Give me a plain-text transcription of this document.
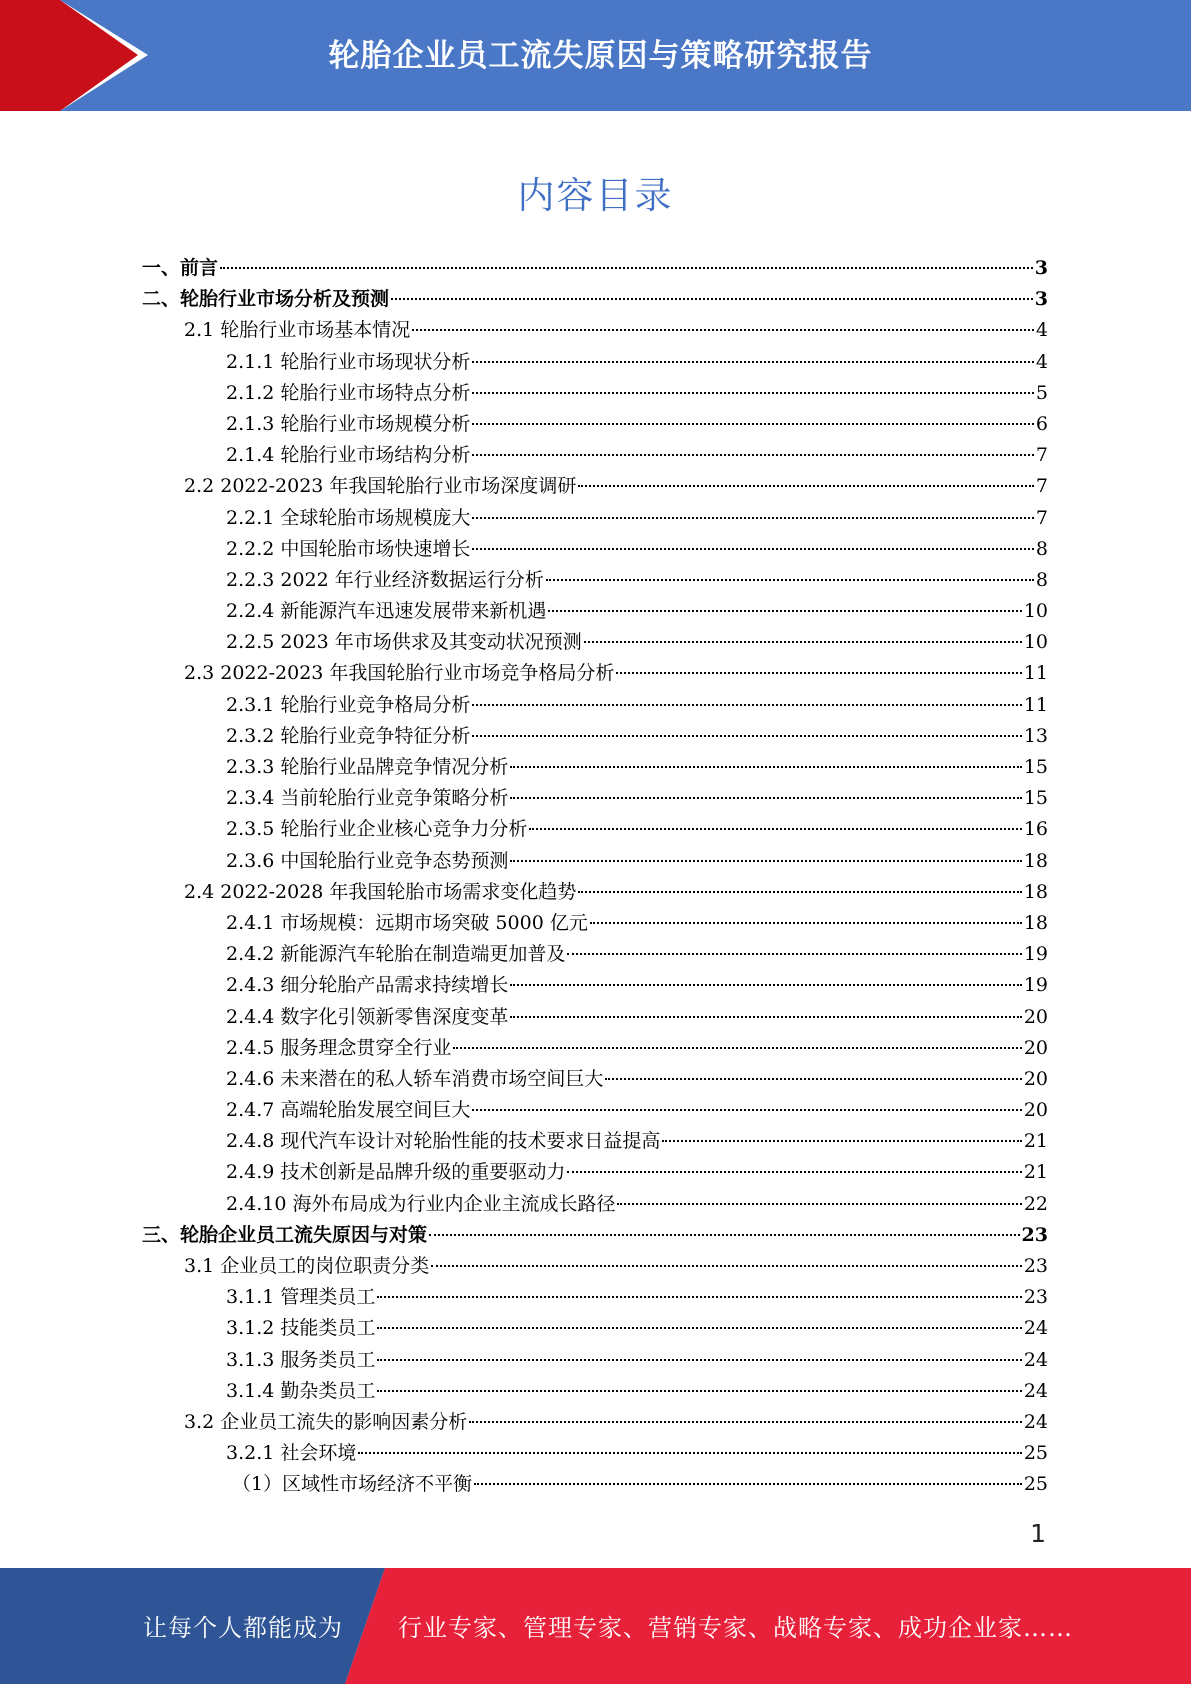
轮胎企业员工流失原因与策略研究报告
内容目录
一、前言	3
二、轮胎行业市场分析及预测	3
2.1 轮胎行业市场基本情况	4
2.1.1 轮胎行业市场现状分析	4
2.1.2 轮胎行业市场特点分析	5
2.1.3 轮胎行业市场规模分析	6
2.1.4 轮胎行业市场结构分析	7
2.2 2022-2023 年我国轮胎行业市场深度调研	7
2.2.1 全球轮胎市场规模庞大	7
2.2.2 中国轮胎市场快速增长	8
2.2.3 2022 年行业经济数据运行分析	8
2.2.4 新能源汽车迅速发展带来新机遇	10
2.2.5 2023 年市场供求及其变动状况预测	10
2.3 2022-2023 年我国轮胎行业市场竞争格局分析	11
2.3.1 轮胎行业竞争格局分析	11
2.3.2 轮胎行业竞争特征分析	13
2.3.3 轮胎行业品牌竞争情况分析	15
2.3.4 当前轮胎行业竞争策略分析	15
2.3.5 轮胎行业企业核心竞争力分析	16
2.3.6 中国轮胎行业竞争态势预测	18
2.4 2022-2028 年我国轮胎市场需求变化趋势	18
2.4.1 市场规模：远期市场突破 5000 亿元	18
2.4.2 新能源汽车轮胎在制造端更加普及	19
2.4.3 细分轮胎产品需求持续增长	19
2.4.4 数字化引领新零售深度变革	20
2.4.5 服务理念贯穿全行业	20
2.4.6 未来潜在的私人轿车消费市场空间巨大	20
2.4.7 高端轮胎发展空间巨大	20
2.4.8 现代汽车设计对轮胎性能的技术要求日益提高	21
2.4.9 技术创新是品牌升级的重要驱动力	21
2.4.10 海外布局成为行业内企业主流成长路径	22
三、轮胎企业员工流失原因与对策	23
3.1 企业员工的岗位职责分类	23
3.1.1 管理类员工	23
3.1.2 技能类员工	24
3.1.3 服务类员工	24
3.1.4 勤杂类员工	24
3.2 企业员工流失的影响因素分析	24
3.2.1 社会环境	25
（1）区域性市场经济不平衡	25
1
让每个人都能成为 行业专家、管理专家、营销专家、战略专家、成功企业家……
